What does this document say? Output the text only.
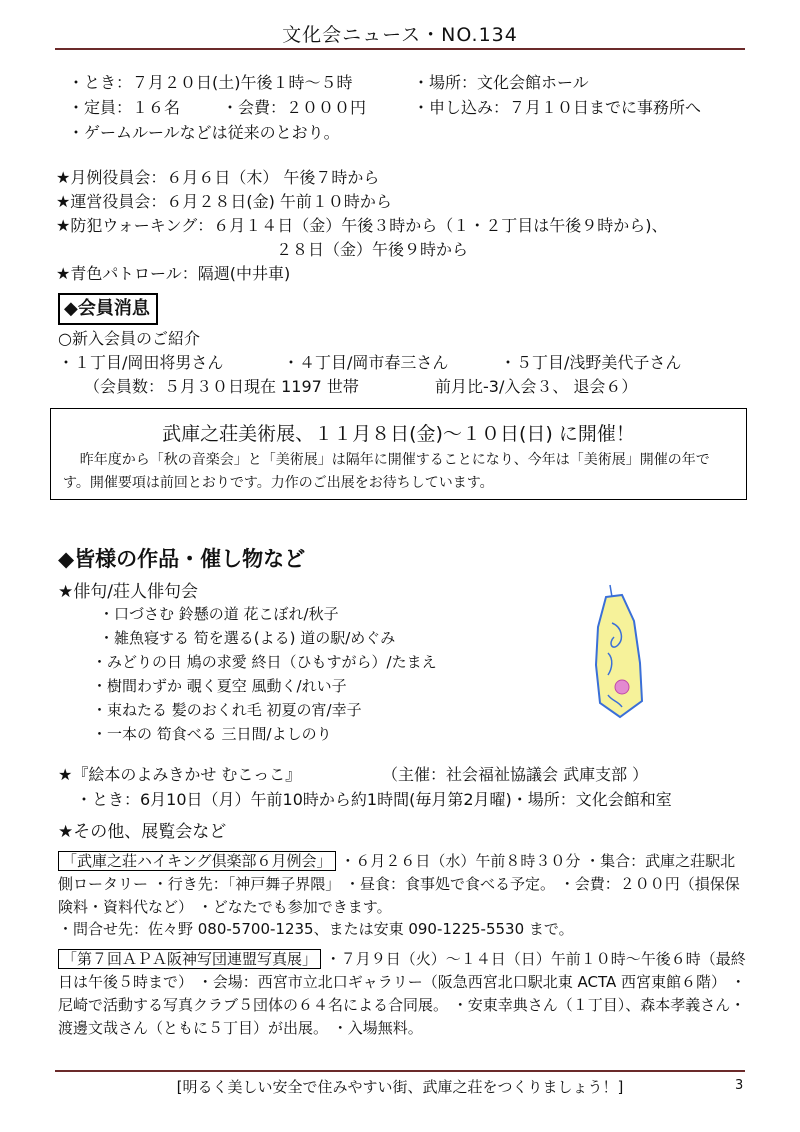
文化会ニュース・NO.134
・とき：７月２０日(土)午後１時～５時	・場所：文化会館ホール
・定員：１６名	・会費：２０００円	・申し込み：７月１０日までに事務所へ
・ゲームルールなどは従来のとおり。
★月例役員会：６月６日（木） 午後７時から
★運営役員会：６月２８日(金) 午前１０時から
★防犯ウォーキング：６月１４日（金）午後３時から（１・２丁目は午後９時から)、
２８日（金）午後９時から
★青色パトロール：隔週(中井車)
◆会員消息
○新入会員のご紹介
・１丁目/岡田将男さん	・４丁目/岡市春三さん	・５丁目/浅野美代子さん
（会員数：５月３０日現在 1197 世帯	前月比-3/入会３、 退会６）
武庫之荘美術展、１１月８日(金)～１０日(日) に開催！
昨年度から「秋の音楽会」と「美術展」は隔年に開催することになり、今年は「美術展」開催の年です。開催要項は前回とおりです。力作のご出展をお待ちしています。
◆皆様の作品・催し物など
★俳句/荘人俳句会
・口づさむ 鈴懸の道 花こぼれ/秋子
・雑魚寝する 筍を選る(よる) 道の駅/めぐみ
・みどりの日 鳩の求愛 終日（ひもすがら）/たまえ
・樹間わずか 覗く夏空 風動く/れい子
・束ねたる 髪のおくれ毛 初夏の宵/幸子
・一本の 筍食べる 三日間/よしのり
★『絵本のよみきかせ むこっこ』	（主催：社会福祉協議会 武庫支部 ）
・とき：6月10日（月）午前10時から約1時間(毎月第2月曜)・場所：文化会館和室
★その他、展覧会など
「武庫之荘ハイキング倶楽部６月例会」 ・６月２６日（水）午前８時３０分 ・集合：武庫之荘駅北側ロータリー ・行き先：「神戸舞子界隈」 ・昼食：食事処で食べる予定。 ・会費：２００円（損保保険料・資料代など） ・どなたでも参加できます。
・問合せ先：佐々野 080-5700-1235、または安東 090-1225-5530 まで。
「第７回ＡＰＡ阪神写団連盟写真展」 ・７月９日（火）～１４日（日）午前１０時～午後６時（最終日は午後５時まで） ・会場：西宮市立北口ギャラリー（阪急西宮北口駅北東 ACTA 西宮東館６階） ・尼崎で活動する写真クラブ５団体の６４名による合同展。 ・安東幸典さん（１丁目）、森本孝義さん・渡邊文哉さん（ともに５丁目）が出展。 ・入場無料。
[明るく美しい安全で住みやすい街、武庫之荘をつくりましょう！]	3
